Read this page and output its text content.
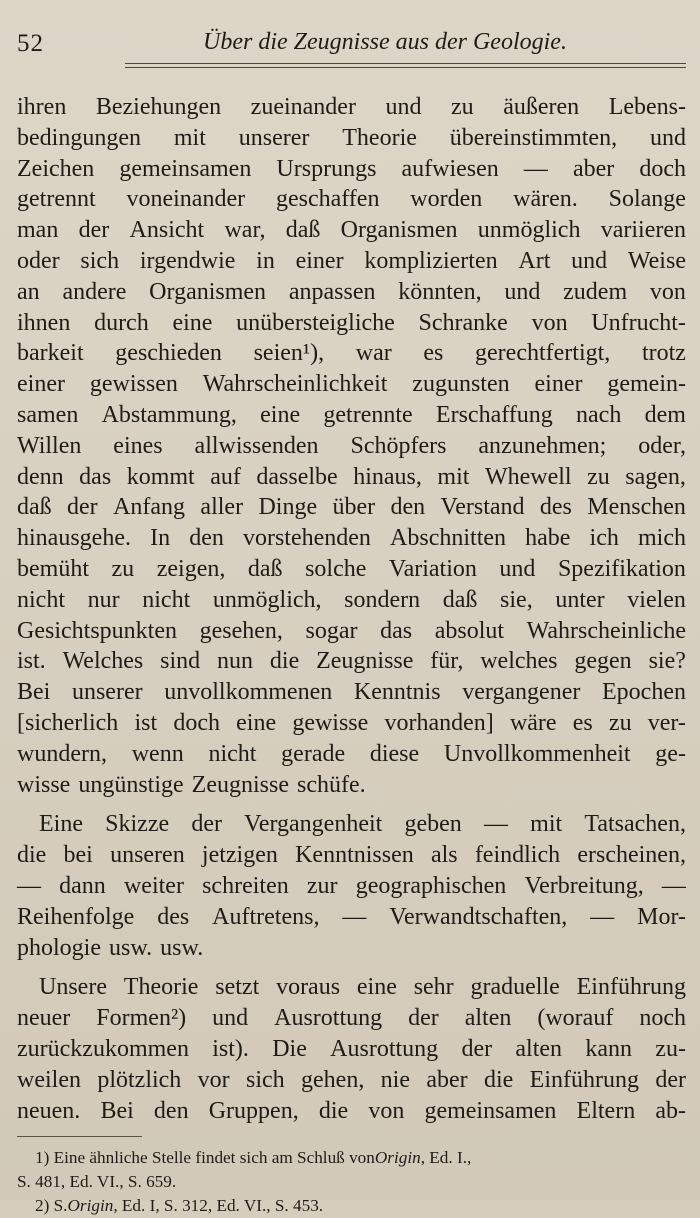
52	Über die Zeugnisse aus der Geologie.
ihren Beziehungen zueinander und zu äußeren Lebens-
bedingungen mit unserer Theorie übereinstimmten, und
Zeichen gemeinsamen Ursprungs aufwiesen — aber doch
getrennt voneinander geschaffen worden wären. Solange
man der Ansicht war, daß Organismen unmöglich variieren
oder sich irgendwie in einer komplizierten Art und Weise
an andere Organismen anpassen könnten, und zudem von
ihnen durch eine unübersteigliche Schranke von Unfrucht-
barkeit geschieden seien¹), war es gerechtfertigt, trotz
einer gewissen Wahrscheinlichkeit zugunsten einer gemein-
samen Abstammung, eine getrennte Erschaffung nach dem
Willen eines allwissenden Schöpfers anzunehmen; oder,
denn das kommt auf dasselbe hinaus, mit Whewell zu sagen,
daß der Anfang aller Dinge über den Verstand des Menschen
hinausgehe. In den vorstehenden Abschnitten habe ich mich
bemüht zu zeigen, daß solche Variation und Spezifikation
nicht nur nicht unmöglich, sondern daß sie, unter vielen
Gesichtspunkten gesehen, sogar das absolut Wahrscheinliche
ist. Welches sind nun die Zeugnisse für, welches gegen sie?
Bei unserer unvollkommenen Kenntnis vergangener Epochen
[sicherlich ist doch eine gewisse vorhanden] wäre es zu ver-
wundern, wenn nicht gerade diese Unvollkommenheit ge-
wisse ungünstige Zeugnisse schüfe.
Eine Skizze der Vergangenheit geben — mit Tatsachen,
die bei unseren jetzigen Kenntnissen als feindlich erscheinen,
— dann weiter schreiten zur geographischen Verbreitung, —
Reihenfolge des Auftretens, — Verwandtschaften, — Mor-
phologie usw. usw.
Unsere Theorie setzt voraus eine sehr graduelle Einführung
neuer Formen²) und Ausrottung der alten (worauf noch
zurückzukommen ist). Die Ausrottung der alten kann zu-
weilen plötzlich vor sich gehen, nie aber die Einführung der
neuen. Bei den Gruppen, die von gemeinsamen Eltern ab-
1) Eine ähnliche Stelle findet sich am Schluß von Origin , Ed. I.,
S. 481, Ed. VI., S. 659.
2) S. Origin , Ed. I, S. 312, Ed. VI., S. 453.
